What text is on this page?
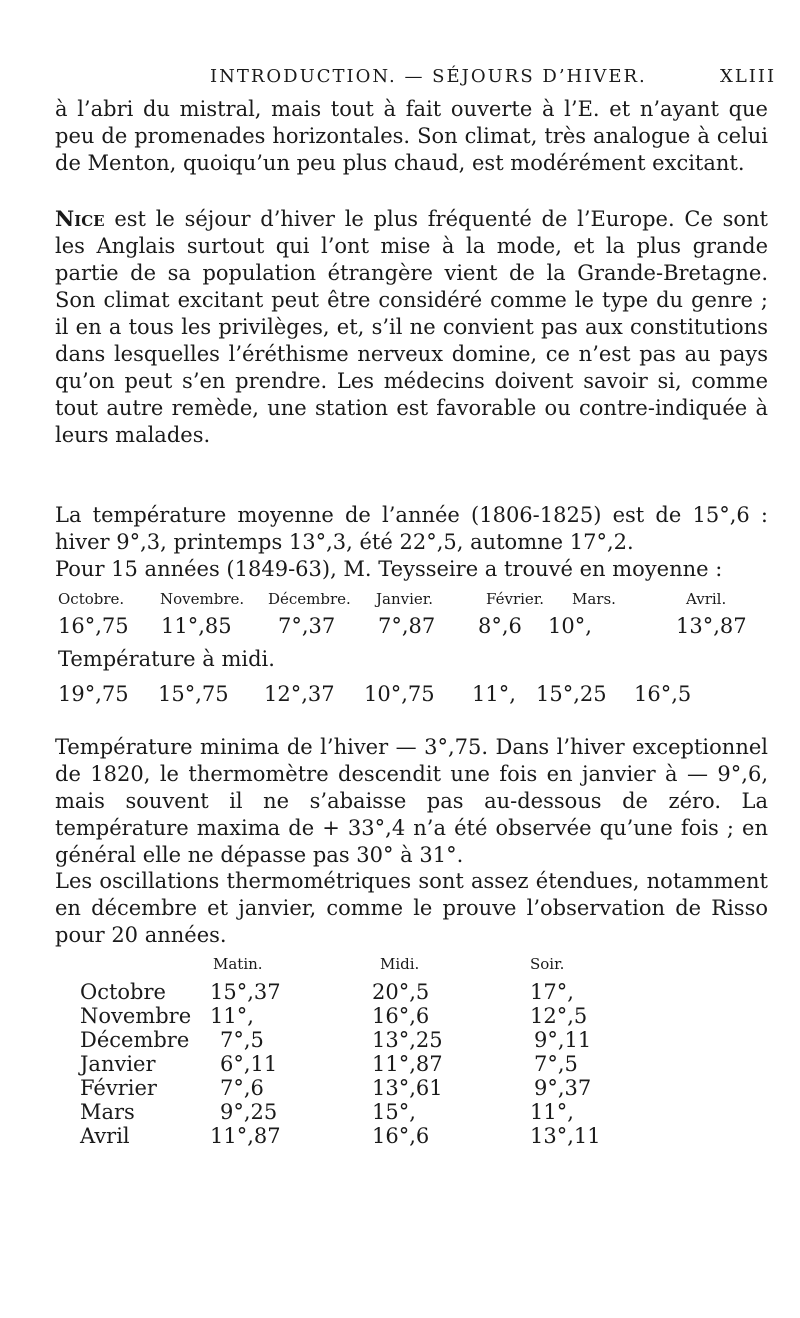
INTRODUCTION. — SÉJOURS D’HIVER.	XLIII
à l’abri du mistral, mais tout à fait ouverte à l’E. et n’ayant que peu de promenades horizontales. Son climat, très analogue à celui de Menton, quoiqu’un peu plus chaud, est modérément excitant.
Nice est le séjour d’hiver le plus fréquenté de l’Europe. Ce sont les Anglais surtout qui l’ont mise à la mode, et la plus grande partie de sa population étrangère vient de la Grande-Bretagne. Son climat excitant peut être considéré comme le type du genre ; il en a tous les privilèges, et, s’il ne convient pas aux constitutions dans lesquelles l’éréthisme nerveux domine, ce n’est pas au pays qu’on peut s’en prendre. Les médecins doivent savoir si, comme tout autre remède, une station est favorable ou contre-indiquée à leurs malades.
La température moyenne de l’année (1806-1825) est de 15°,6 : hiver 9°,3, printemps 13°,3, été 22°,5, automne 17°,2.
Pour 15 années (1849-63), M. Teysseire a trouvé en moyenne :
Octobre. Novembre. Décembre. Janvier.	Février. Mars.	Avril.
16°,75 11°,85 7°,37 7°,87 8°,6 10°,	13°,87
Température à midi.
19°,75 15°,75 12°,37 10°,75 11°, 15°,25 16°,5
Température minima de l’hiver — 3°,75. Dans l’hiver exceptionnel de 1820, le thermomètre descendit une fois en janvier à — 9°,6, mais souvent il ne s’abaisse pas au-dessous de zéro. La température maxima de + 33°,4 n’a été observée qu’une fois ; en général elle ne dépasse pas 30° à 31°.
Les oscillations thermométriques sont assez étendues, notamment en décembre et janvier, comme le prouve l’observation de Risso pour 20 années.
Matin.	Midi.	Soir.
Octobre 15°,37	20°,5	17°,
Novembre 11°,	16°,6	12°,5
Décembre 7°,5	13°,25	9°,11
Janvier	6°,11	11°,87	7°,5
Février	7°,6	13°,61	9°,37
Mars	9°,25	15°,	11°,
Avril	11°,87	16°,6	13°,11
